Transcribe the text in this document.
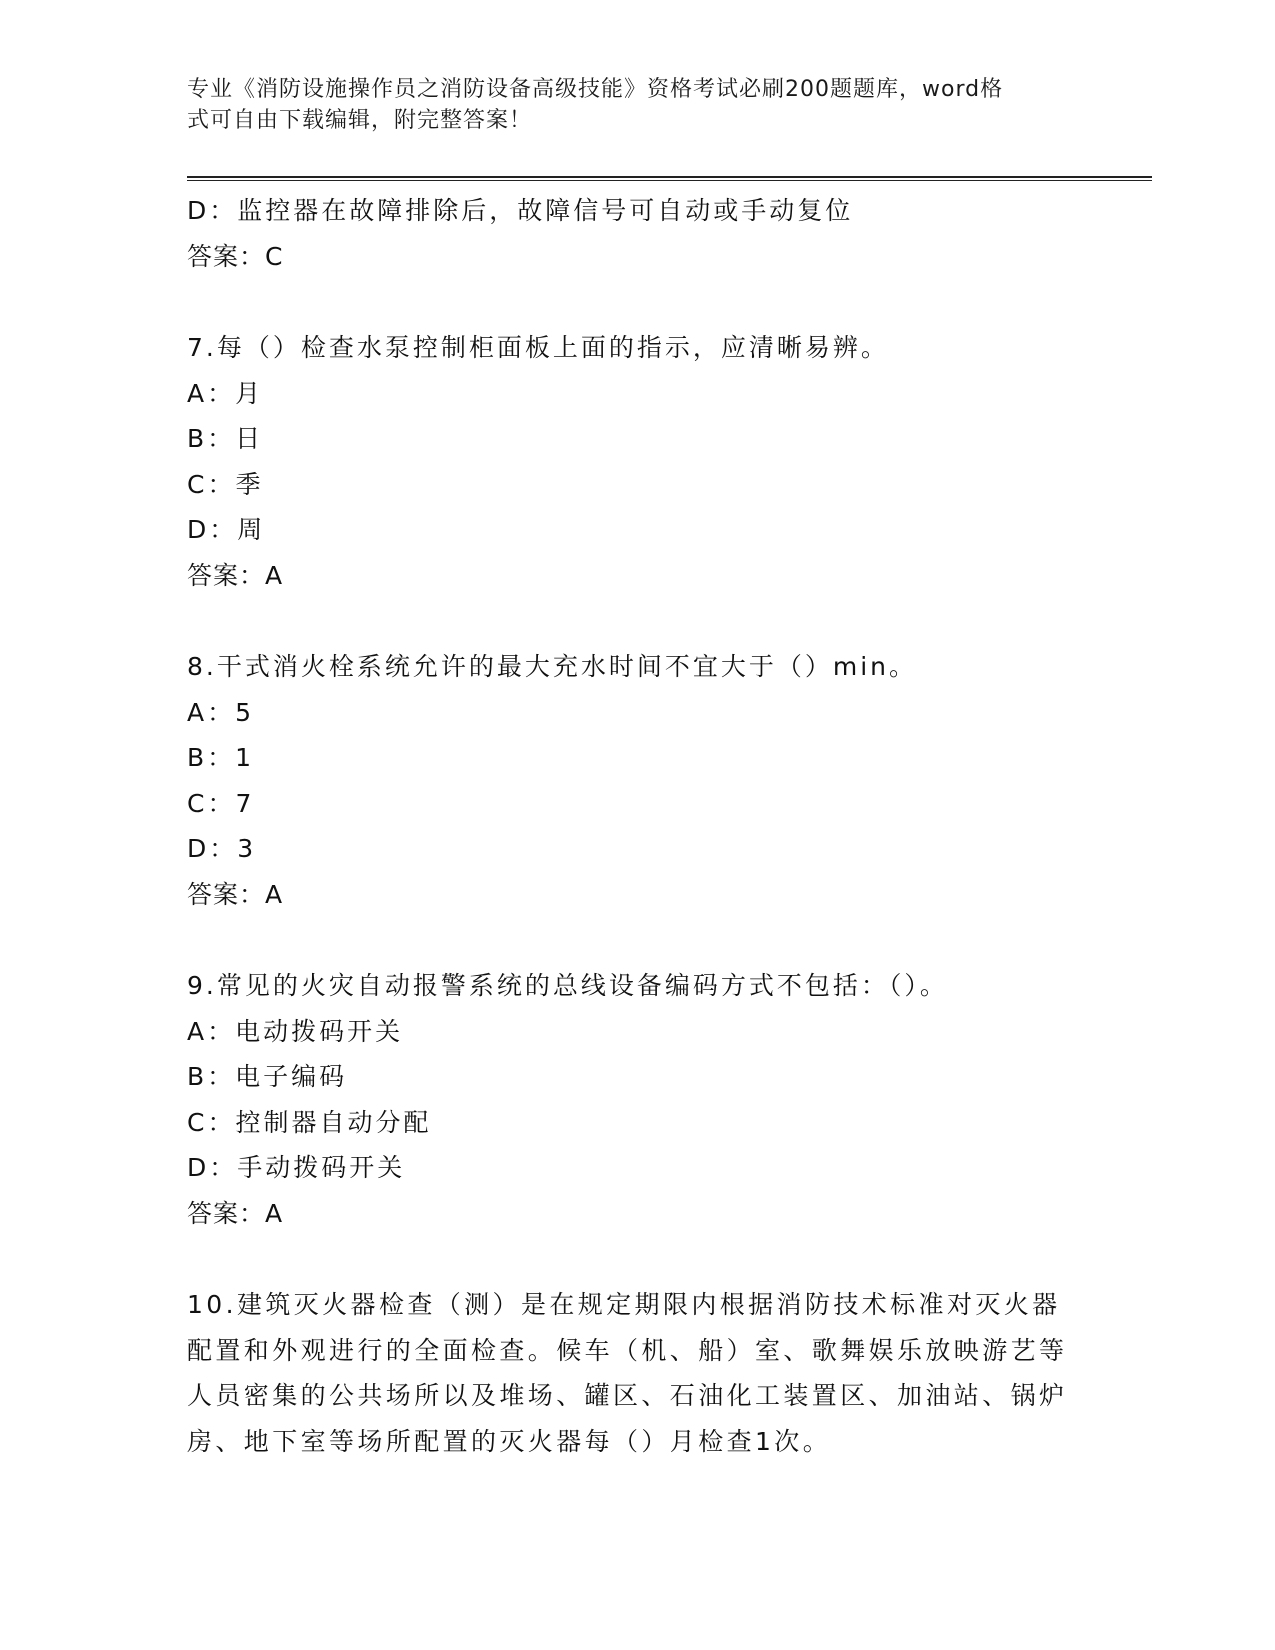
专业《消防设施操作员之消防设备高级技能》资格考试必刷200题题库，word格
式可自由下载编辑，附完整答案！
D：监控器在故障排除后，故障信号可自动或手动复位
答案：C
7.每（）检查水泵控制柜面板上面的指示，应清晰易辨。
A：月
B：日
C：季
D：周
答案：A
8.干式消火栓系统允许的最大充水时间不宜大于（）min。
A：5
B：1
C：7
D：3
答案：A
9.常见的火灾自动报警系统的总线设备编码方式不包括：（）。
A：电动拨码开关
B：电子编码
C：控制器自动分配
D：手动拨码开关
答案：A
10.建筑灭火器检查（测）是在规定期限内根据消防技术标准对灭火器配置和外观进行的全面检查。候车（机、船）室、歌舞娱乐放映游艺等人员密集的公共场所以及堆场、罐区、石油化工装置区、加油站、锅炉房、地下室等场所配置的灭火器每（）月检查1次。
